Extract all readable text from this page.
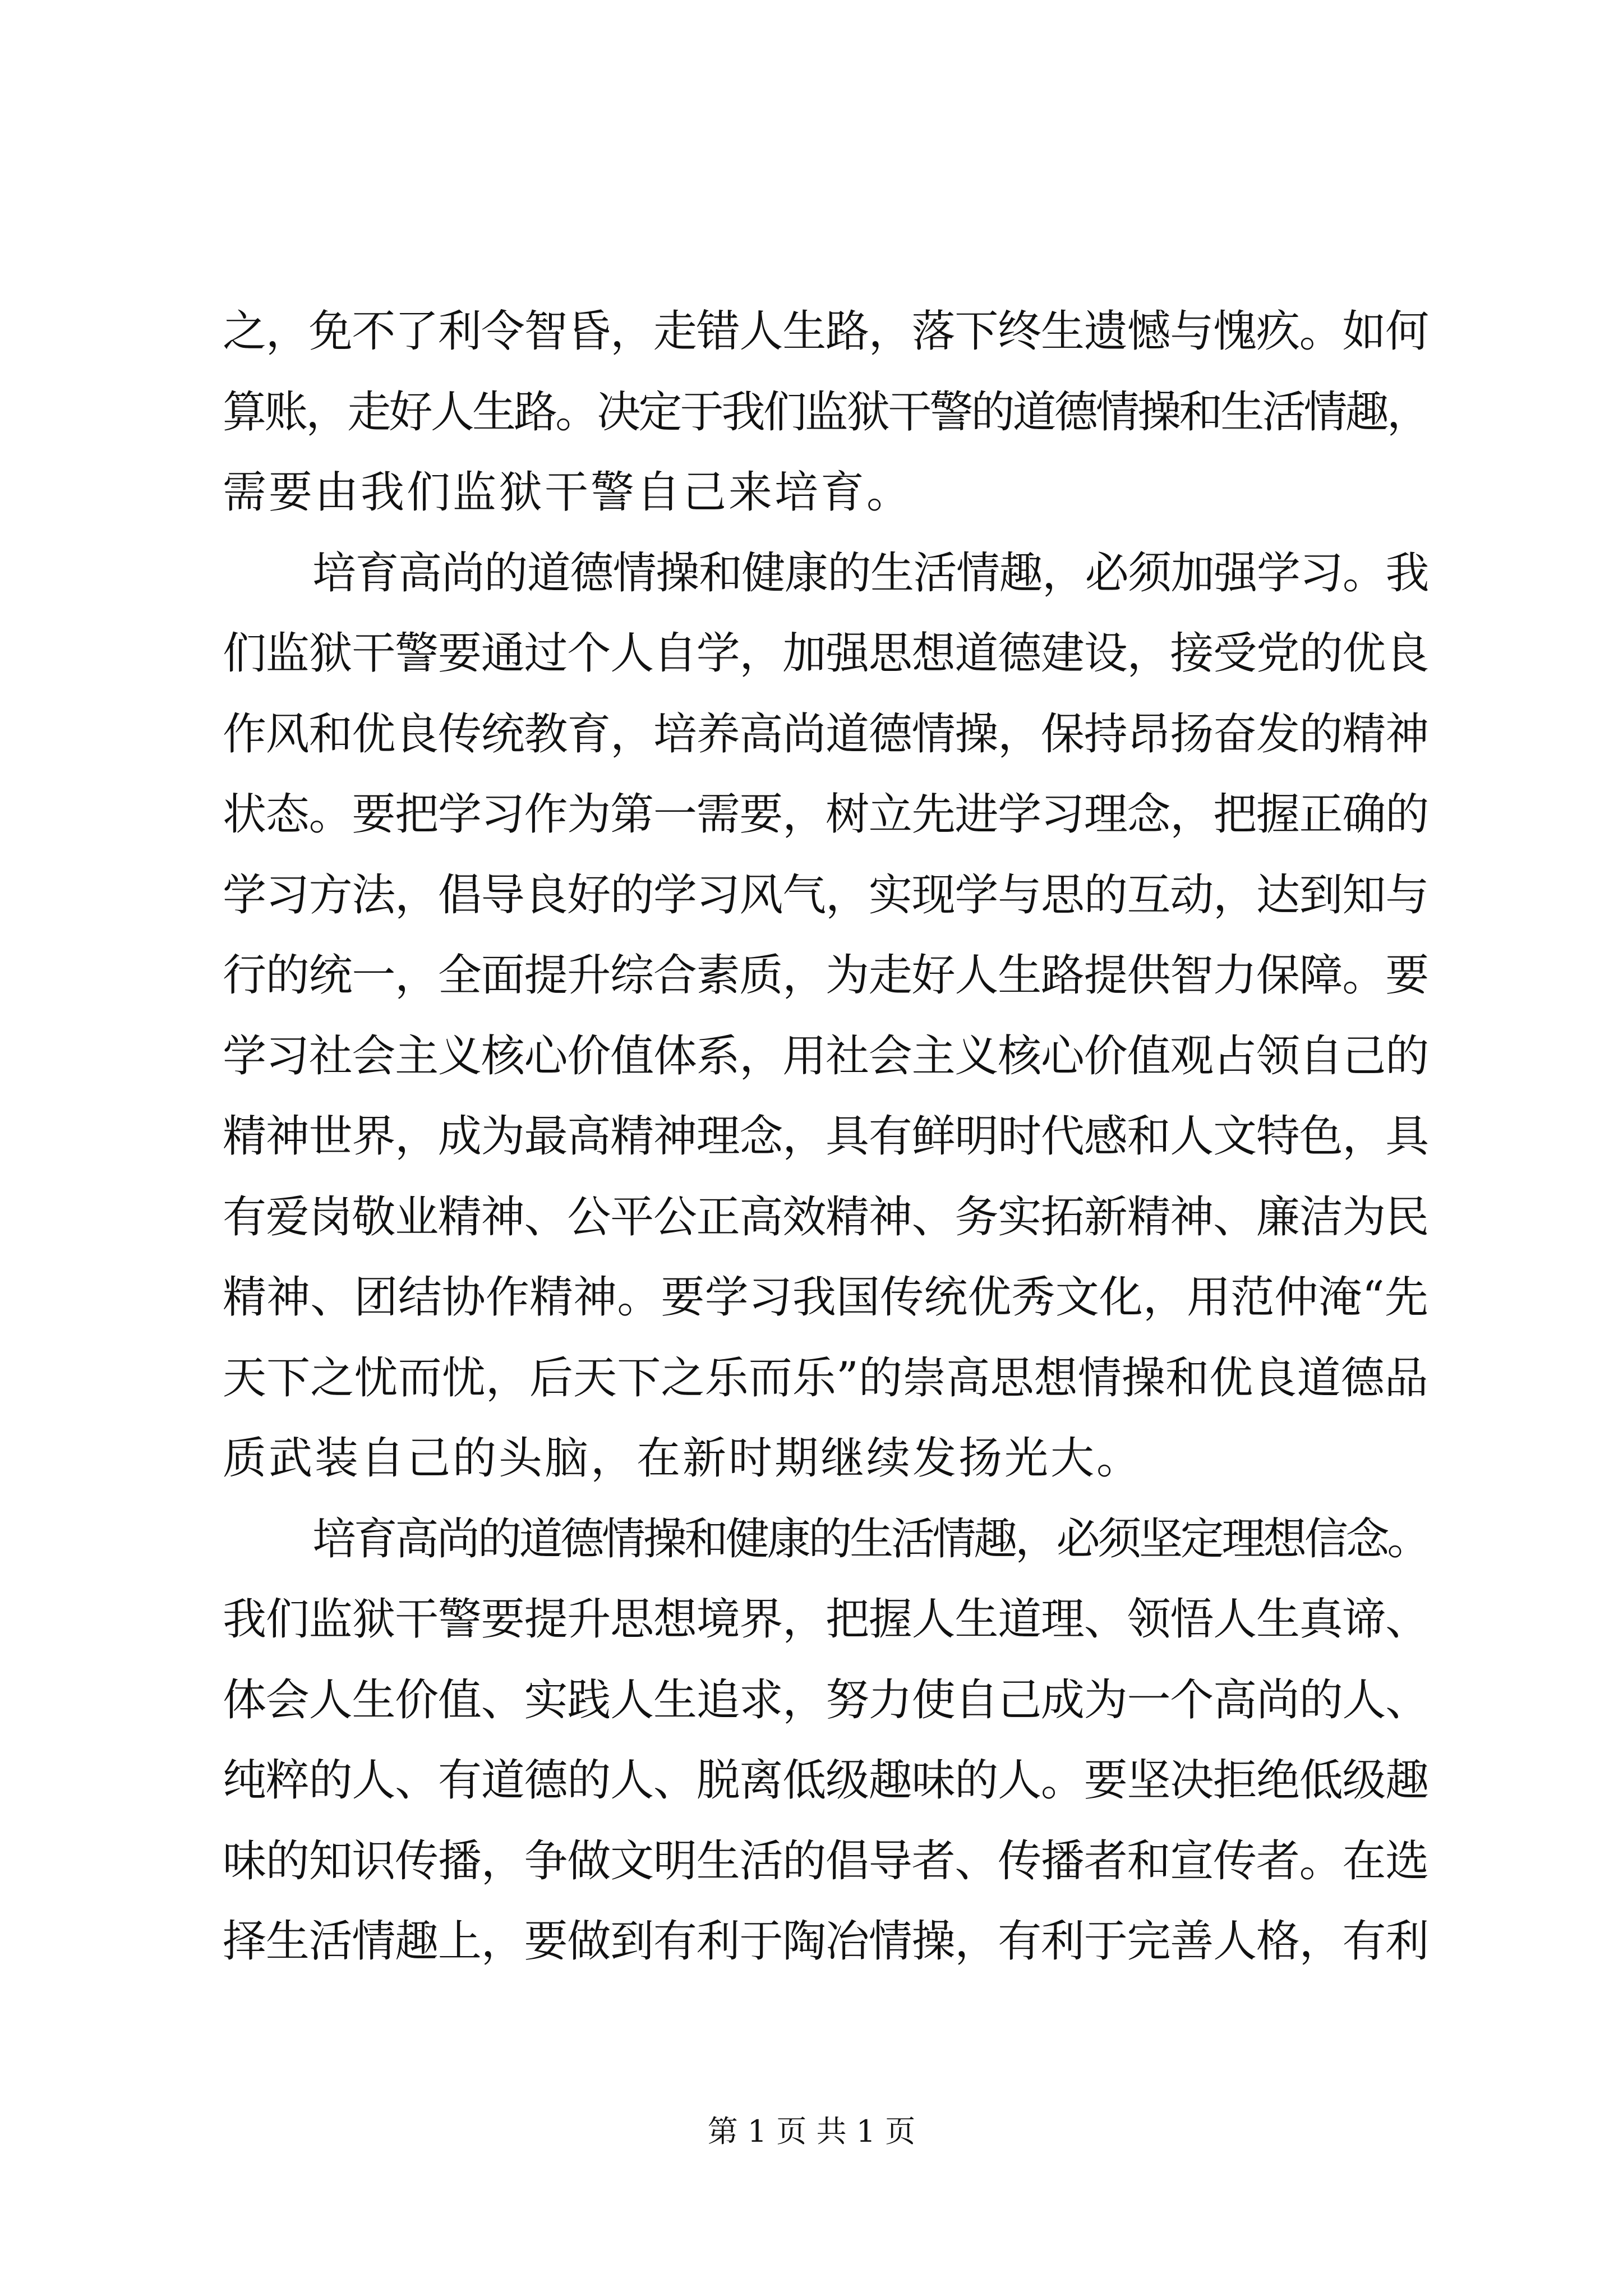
之，免不了利令智昏，走错人生路，落下终生遗憾与愧疚。如何
算账，走好人生路。决定于我们监狱干警的道德情操和生活情趣，
需要由我们监狱干警自己来培育。
培育高尚的道德情操和健康的生活情趣，必须加强学习。我
们监狱干警要通过个人自学，加强思想道德建设，接受党的优良
作风和优良传统教育，培养高尚道德情操，保持昂扬奋发的精神
状态。要把学习作为第一需要，树立先进学习理念，把握正确的
学习方法，倡导良好的学习风气，实现学与思的互动，达到知与
行的统一，全面提升综合素质，为走好人生路提供智力保障。要
学习社会主义核心价值体系，用社会主义核心价值观占领自己的
精神世界，成为最高精神理念，具有鲜明时代感和人文特色，具
有爱岗敬业精神、公平公正高效精神、务实拓新精神、廉洁为民
精神、团结协作精神。要学习我国传统优秀文化，用范仲淹“先
天下之忧而忧，后天下之乐而乐”的崇高思想情操和优良道德品
质武装自己的头脑，在新时期继续发扬光大。
培育高尚的道德情操和健康的生活情趣，必须坚定理想信念。
我们监狱干警要提升思想境界，把握人生道理、领悟人生真谛、
体会人生价值、实践人生追求，努力使自己成为一个高尚的人、
纯粹的人、有道德的人、脱离低级趣味的人。要坚决拒绝低级趣
味的知识传播，争做文明生活的倡导者、传播者和宣传者。在选
择生活情趣上，要做到有利于陶冶情操，有利于完善人格，有利
第 1 页 共 1 页
